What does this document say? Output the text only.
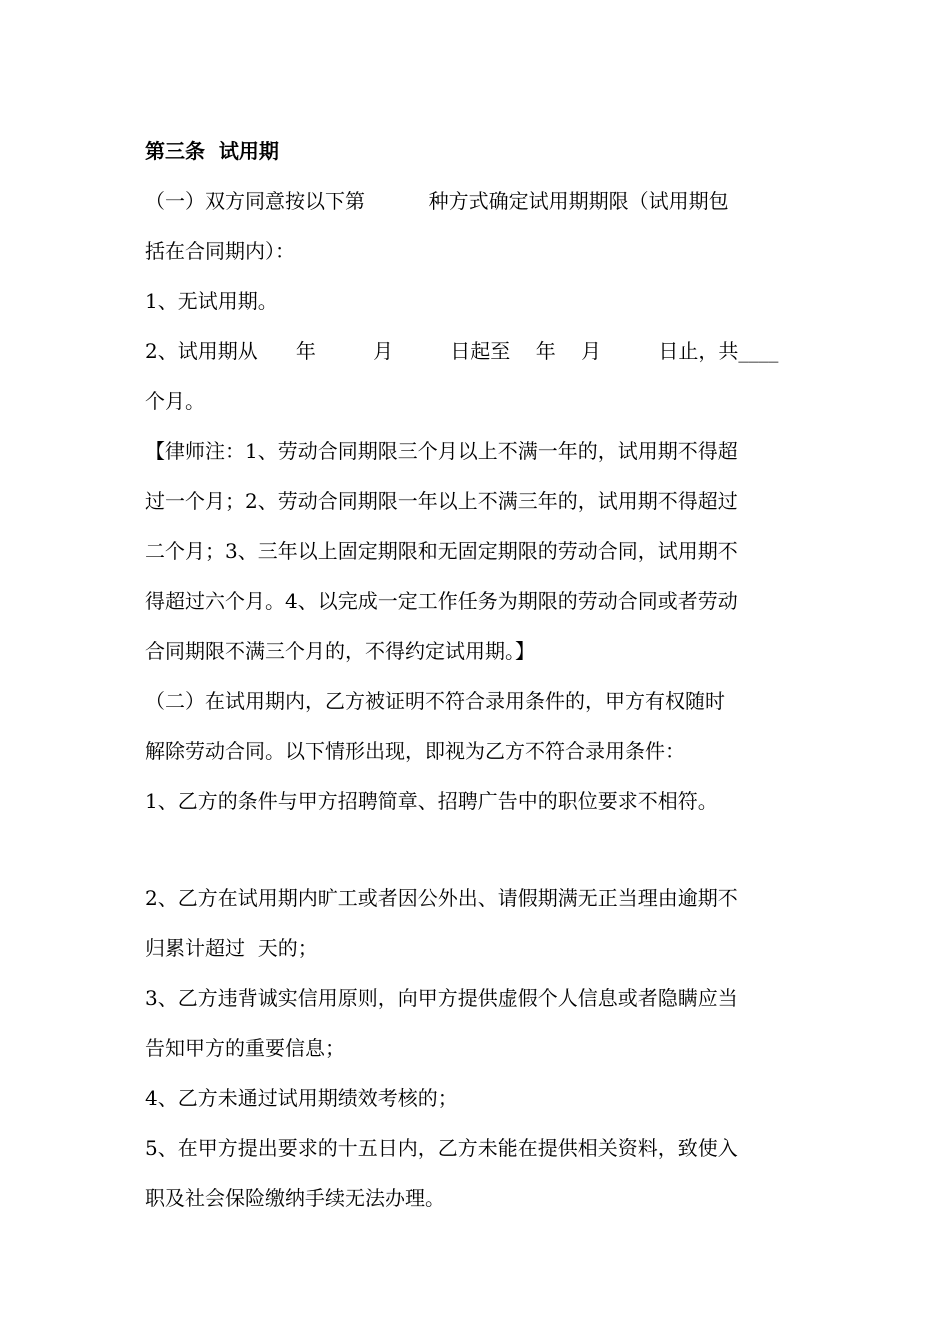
第三条  试用期
（一）双方同意按以下第          种方式确定试用期期限（试用期包
括在合同期内）：
1、无试用期。
2、试用期从      年         月         日起至    年    月         日止，共____
个月。
【律师注：1、劳动合同期限三个月以上不满一年的，试用期不得超
过一个月；2、劳动合同期限一年以上不满三年的，试用期不得超过
二个月；3、三年以上固定期限和无固定期限的劳动合同，试用期不
得超过六个月。4、以完成一定工作任务为期限的劳动合同或者劳动
合同期限不满三个月的，不得约定试用期。】
（二）在试用期内，乙方被证明不符合录用条件的，甲方有权随时
解除劳动合同。以下情形出现，即视为乙方不符合录用条件：
1、乙方的条件与甲方招聘简章、招聘广告中的职位要求不相符。
2、乙方在试用期内旷工或者因公外出、请假期满无正当理由逾期不
归累计超过  天的；
3、乙方违背诚实信用原则，向甲方提供虚假个人信息或者隐瞒应当
告知甲方的重要信息；
4、乙方未通过试用期绩效考核的；
5、在甲方提出要求的十五日内，乙方未能在提供相关资料，致使入
职及社会保险缴纳手续无法办理。
